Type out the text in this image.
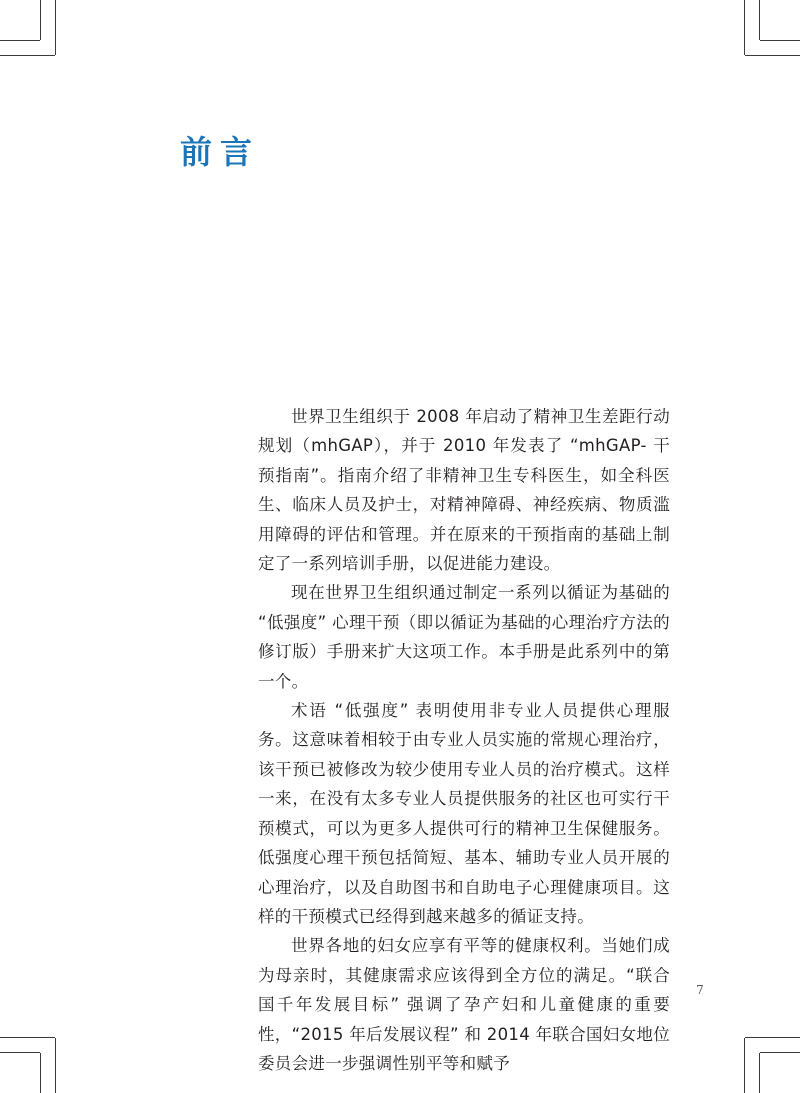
前言

世界卫生组织于 2008 年启动了精神卫生差距行动规划（mhGAP），并于 2010 年发表了 “mhGAP- 干预指南”。指南介绍了非精神卫生专科医生，如全科医生、临床人员及护士，对精神障碍、神经疾病、物质滥用障碍的评估和管理。并在原来的干预指南的基础上制定了一系列培训手册，以促进能力建设。

现在世界卫生组织通过制定一系列以循证为基础的 “低强度” 心理干预（即以循证为基础的心理治疗方法的修订版）手册来扩大这项工作。本手册是此系列中的第一个。

术语 “低强度” 表明使用非专业人员提供心理服务。这意味着相较于由专业人员实施的常规心理治疗，该干预已被修改为较少使用专业人员的治疗模式。这样一来，在没有太多专业人员提供服务的社区也可实行干预模式，可以为更多人提供可行的精神卫生保健服务。低强度心理干预包括简短、基本、辅助专业人员开展的心理治疗，以及自助图书和自助电子心理健康项目。这样的干预模式已经得到越来越多的循证支持。

世界各地的妇女应享有平等的健康权利。当她们成为母亲时，其健康需求应该得到全方位的满足。“联合国千年发展目标” 强调了孕产妇和儿童健康的重要性，“2015 年后发展议程” 和 2014 年联合国妇女地位委员会进一步强调性别平等和赋予

7
